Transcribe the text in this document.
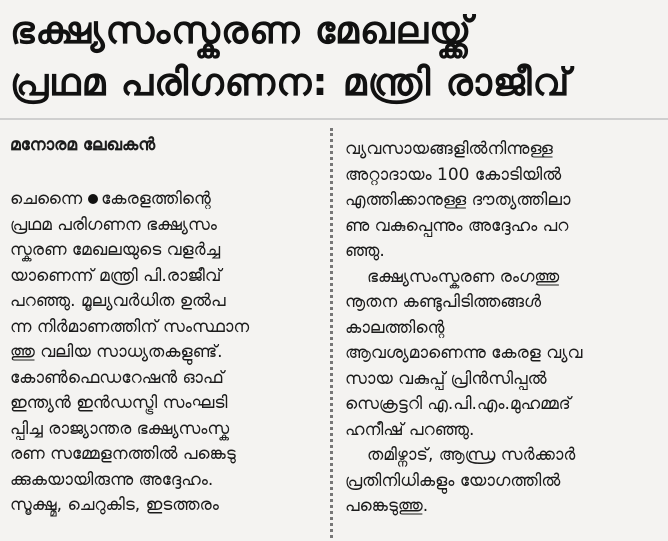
ഭക്ഷ്യസംസ്കരണ മേഖലയ്ക്ക്
പ്രഥമ പരിഗണന: മന്ത്രി രാജീവ്
മനോരമ ലേഖകൻ
ചെന്നൈ കേരളത്തിന്റെ
പ്രഥമ പരിഗണന ഭക്ഷ്യസം
സ്കരണ മേഖലയുടെ വളർച്ച
യാണെന്ന് മന്ത്രി പി.രാജീവ്
പറഞ്ഞു. മൂല്യവർധിത ഉൽപ
ന്ന നിർമാണത്തിന് സംസ്ഥാന
ത്തു വലിയ സാധ്യതകളുണ്ട്.
കോൺഫെഡറേഷൻ ഓഫ്
ഇന്ത്യൻ ഇൻഡസ്ട്രി സംഘടി
പ്പിച്ച രാജ്യാന്തര ഭക്ഷ്യസംസ്ക
രണ സമ്മേളനത്തിൽ പങ്കെടു
ക്കുകയായിരുന്നു അദ്ദേഹം.
സൂക്ഷ്മ, ചെറുകിട, ഇടത്തരം
വ്യവസായങ്ങളിൽനിന്നുള്ള
അറ്റാദായം 100 കോടിയിൽ
എത്തിക്കാനുള്ള ദൗത്യത്തിലാ
ണു വകുപ്പെന്നും അദ്ദേഹം പറ
ഞ്ഞു.
ഭക്ഷ്യസംസ്കരണ രംഗത്തു
നൂതന കണ്ടുപിടിത്തങ്ങൾ
കാലത്തിന്റെ
ആവശ്യമാണെന്നു കേരള വ്യവ
സായ വകുപ്പ് പ്രിൻസിപ്പൽ
സെക്രട്ടറി എ.പി.എം.മുഹമ്മദ്
ഹനീഷ് പറഞ്ഞു.
തമിഴ്നാട്, ആന്ധ്ര സർക്കാർ
പ്രതിനിധികളും യോഗത്തിൽ
പങ്കെടുത്തു.
